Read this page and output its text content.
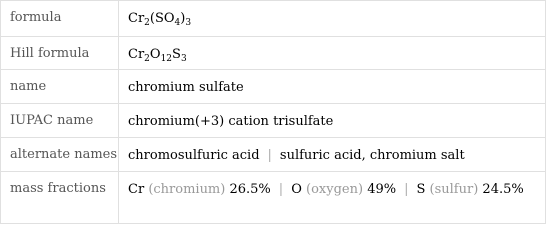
formula	$Cr_2(SO_4)_3$

Hill formula	$Cr_2O_{12}S_3$

name	chromium sulfate

IUPAC name	chromium(+3) cation trisulfate

alternate names	chromosulfuric acid | sulfuric acid, chromium salt

mass fractions	Cr (chromium) 26.5% | O (oxygen) 49% | S (sulfur) 24.5%
